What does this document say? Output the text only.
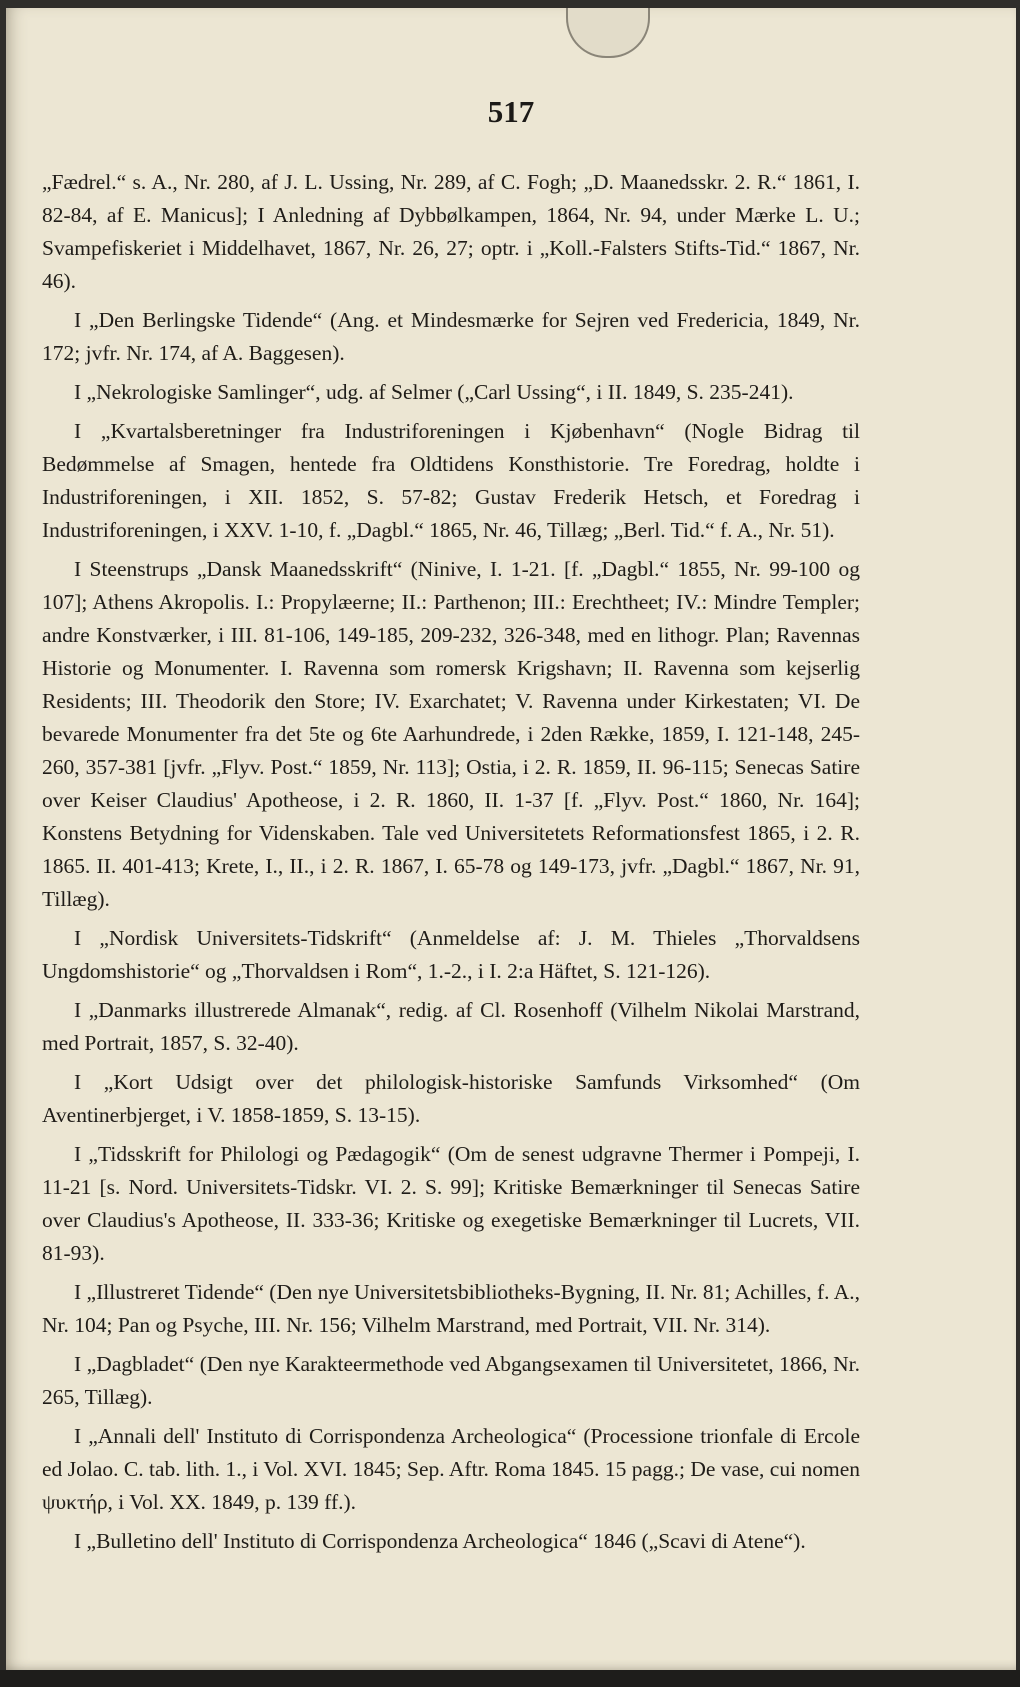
517

„Fædrel.“ s. A., Nr. 280, af J. L. Ussing, Nr. 289, af C. Fogh; „D. Maanedsskr. 2. R.“ 1861, I. 82-84, af E. Manicus]; I Anledning af Dybbølkampen, 1864, Nr. 94, under Mærke L. U.; Svampefiskeriet i Middelhavet, 1867, Nr. 26, 27; optr. i „Koll.-Falsters Stifts-Tid.“ 1867, Nr. 46).

I „Den Berlingske Tidende“ (Ang. et Mindesmærke for Sejren ved Fredericia, 1849, Nr. 172; jvfr. Nr. 174, af A. Baggesen).

I „Nekrologiske Samlinger“, udg. af Selmer („Carl Ussing“, i II. 1849, S. 235-241).

I „Kvartalsberetninger fra Industriforeningen i Kjøbenhavn“ (Nogle Bidrag til Bedømmelse af Smagen, hentede fra Oldtidens Konsthistorie. Tre Foredrag, holdte i Industriforeningen, i XII. 1852, S. 57-82; Gustav Frederik Hetsch, et Foredrag i Industriforeningen, i XXV. 1-10, f. „Dagbl.“ 1865, Nr. 46, Tillæg; „Berl. Tid.“ f. A., Nr. 51).

I Steenstrups „Dansk Maanedsskrift“ (Ninive, I. 1-21. [f. „Dagbl.“ 1855, Nr. 99-100 og 107]; Athens Akropolis. I.: Propylæerne; II.: Parthenon; III.: Erechtheet; IV.: Mindre Templer; andre Konstværker, i III. 81-106, 149-185, 209-232, 326-348, med en lithogr. Plan; Ravennas Historie og Monumenter. I. Ravenna som romersk Krigshavn; II. Ravenna som kejserlig Residents; III. Theodorik den Store; IV. Exarchatet; V. Ravenna under Kirkestaten; VI. De bevarede Monumenter fra det 5te og 6te Aarhundrede, i 2den Række, 1859, I. 121-148, 245-260, 357-381 [jvfr. „Flyv. Post.“ 1859, Nr. 113]; Ostia, i 2. R. 1859, II. 96-115; Senecas Satire over Keiser Claudius' Apotheose, i 2. R. 1860, II. 1-37 [f. „Flyv. Post.“ 1860, Nr. 164]; Konstens Betydning for Videnskaben. Tale ved Universitetets Reformationsfest 1865, i 2. R. 1865. II. 401-413; Krete, I., II., i 2. R. 1867, I. 65-78 og 149-173, jvfr. „Dagbl.“ 1867, Nr. 91, Tillæg).

I „Nordisk Universitets-Tidskrift“ (Anmeldelse af: J. M. Thieles „Thorvaldsens Ungdomshistorie“ og „Thorvaldsen i Rom“, 1.-2., i I. 2:a Häftet, S. 121-126).

I „Danmarks illustrerede Almanak“, redig. af Cl. Rosenhoff (Vilhelm Nikolai Marstrand, med Portrait, 1857, S. 32-40).

I „Kort Udsigt over det philologisk-historiske Samfunds Virksomhed“ (Om Aventinerbjerget, i V. 1858-1859, S. 13-15).

I „Tidsskrift for Philologi og Pædagogik“ (Om de senest udgravne Thermer i Pompeji, I. 11-21 [s. Nord. Universitets-Tidskr. VI. 2. S. 99]; Kritiske Bemærkninger til Senecas Satire over Claudius's Apotheose, II. 333-36; Kritiske og exegetiske Bemærkninger til Lucrets, VII. 81-93).

I „Illustreret Tidende“ (Den nye Universitetsbibliotheks-Bygning, II. Nr. 81; Achilles, f. A., Nr. 104; Pan og Psyche, III. Nr. 156; Vilhelm Marstrand, med Portrait, VII. Nr. 314).

I „Dagbladet“ (Den nye Karakteermethode ved Abgangsexamen til Universitetet, 1866, Nr. 265, Tillæg).

I „Annali dell' Instituto di Corrispondenza Archeologica“ (Processione trionfale di Ercole ed Jolao. C. tab. lith. 1., i Vol. XVI. 1845; Sep. Aftr. Roma 1845. 15 pagg.; De vase, cui nomen ψυκτήρ, i Vol. XX. 1849, p. 139 ff.).

I „Bulletino dell' Instituto di Corrispondenza Archeologica“ 1846 („Scavi di Atene“).
